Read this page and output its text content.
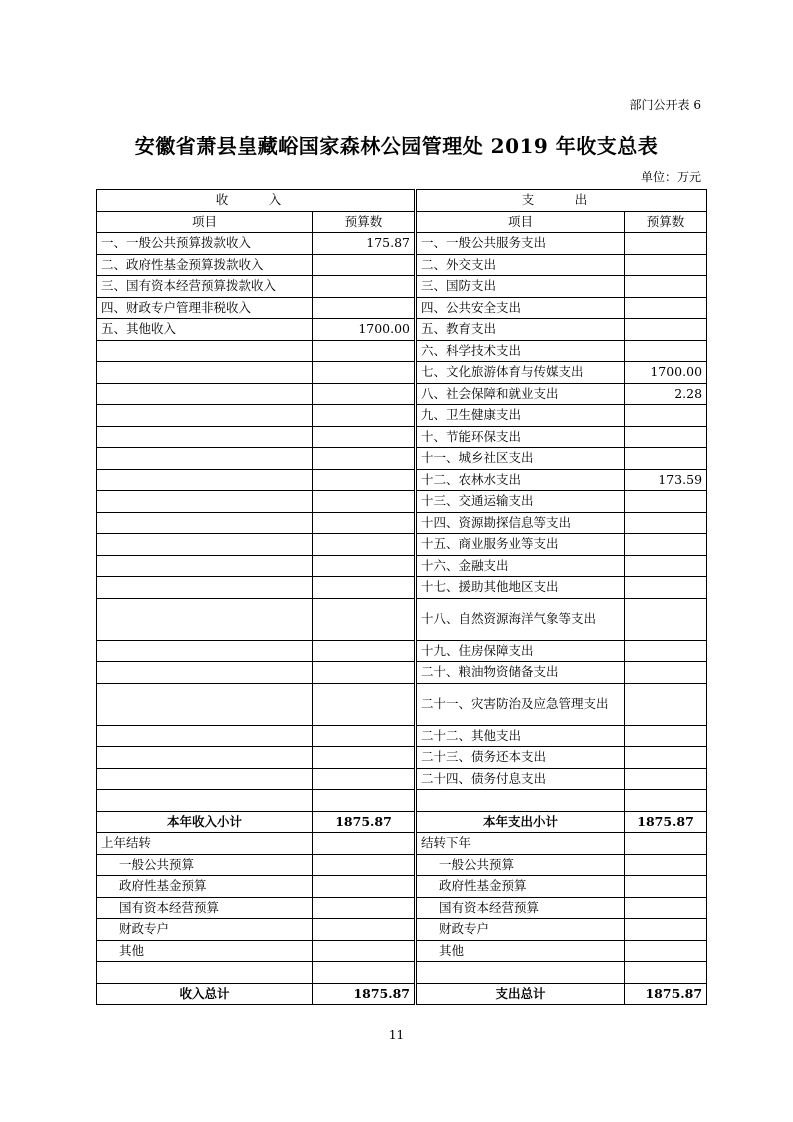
部门公开表 6
安徽省萧县皇藏峪国家森林公园管理处 2019 年收支总表
单位：万元
收　入			支　出	
项目	预算数		项目	预算数
一、一般公共预算拨款收入	175.87		一、一般公共服务支出	
二、政府性基金预算拨款收入			二、外交支出	
三、国有资本经营预算拨款收入			三、国防支出	
四、财政专户管理非税收入			四、公共安全支出	
五、其他收入	1700.00		五、教育支出	
			六、科学技术支出	
			七、文化旅游体育与传媒支出	1700.00
			八、社会保障和就业支出	2.28
			九、卫生健康支出	
			十、节能环保支出	
			十一、城乡社区支出	
			十二、农林水支出	173.59
			十三、交通运输支出	
			十四、资源勘探信息等支出	
			十五、商业服务业等支出	
			十六、金融支出	
			十七、援助其他地区支出	
			十八、自然资源海洋气象等支出	
			十九、住房保障支出	
			二十、粮油物资储备支出	
			二十一、灾害防治及应急管理支出	
			二十二、其他支出	
			二十三、债务还本支出	
			二十四、债务付息支出	

本年收入小计	1875.87		本年支出小计	1875.87
上年结转			结转下年	
一般公共预算			一般公共预算	
政府性基金预算			政府性基金预算	
国有资本经营预算			国有资本经营预算	
财政专户			财政专户	
其他			其他	

收入总计	1875.87		支出总计	1875.87
11
